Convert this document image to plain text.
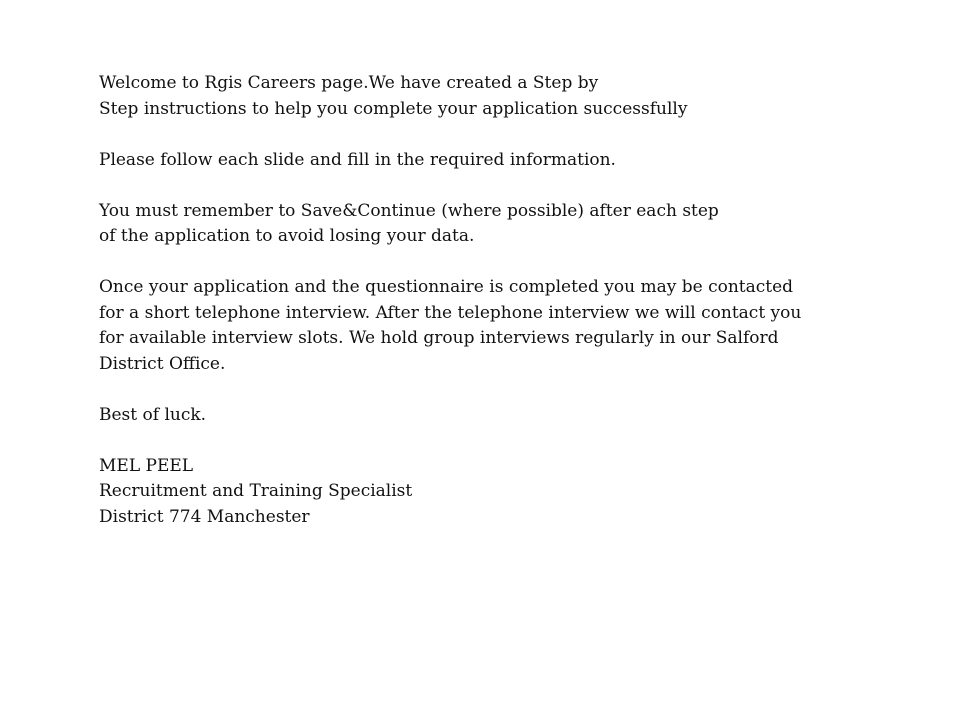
Welcome to Rgis Careers page.We have created a Step by
Step instructions to help you complete your application successfully

Please follow each slide and fill in the required information.

You must remember to Save&Continue (where possible) after each step
of the application to avoid losing your data.

Once your application and the questionnaire is completed you may be contacted
for a short telephone interview. After the telephone interview we will contact you
for available interview slots. We hold group interviews regularly in our Salford
District Office.

Best of luck.

MEL PEEL
Recruitment and Training Specialist
District 774 Manchester
